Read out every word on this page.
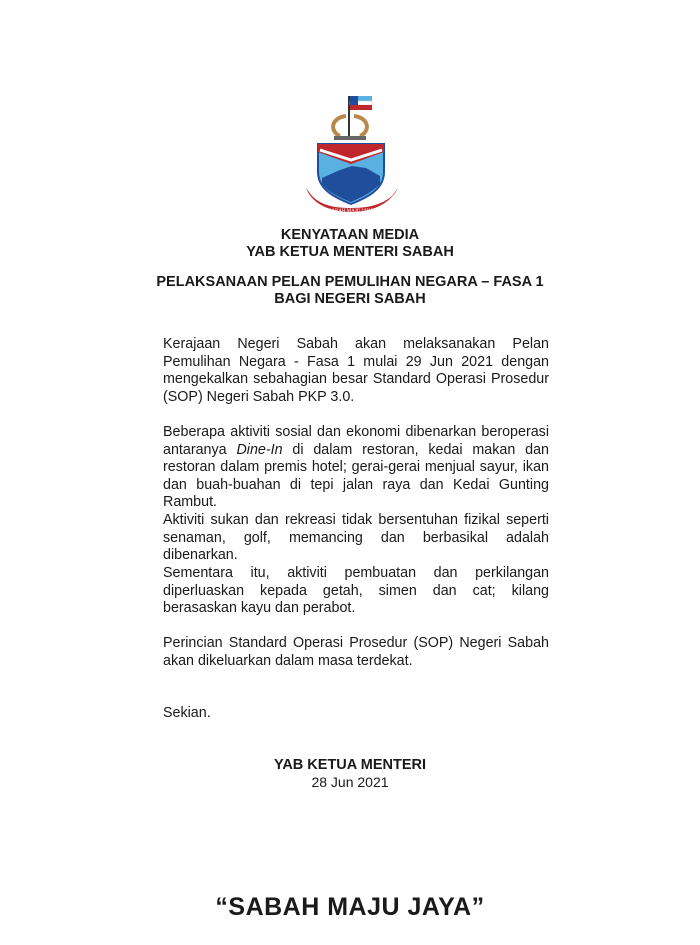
SABAH MAJU JAYA
KENYATAAN MEDIA
YAB KETUA MENTERI SABAH
PELAKSANAAN PELAN PEMULIHAN NEGARA – FASA 1
BAGI NEGERI SABAH

Kerajaan Negeri Sabah akan melaksanakan Pelan Pemulihan Negara - Fasa 1 mulai 29 Jun 2021 dengan mengekalkan sebahagian besar Standard Operasi Prosedur (SOP) Negeri Sabah PKP 3.0.

Beberapa aktiviti sosial dan ekonomi dibenarkan beroperasi antaranya Dine-In di dalam restoran, kedai makan dan restoran dalam premis hotel; gerai-gerai menjual sayur, ikan dan buah-buahan di tepi jalan raya dan Kedai Gunting Rambut.

Aktiviti sukan dan rekreasi tidak bersentuhan fizikal seperti senaman, golf, memancing dan berbasikal adalah dibenarkan.

Sementara itu, aktiviti pembuatan dan perkilangan diperluaskan kepada getah, simen dan cat; kilang berasaskan kayu dan perabot.

Perincian Standard Operasi Prosedur (SOP) Negeri Sabah akan dikeluarkan dalam masa terdekat.

Sekian.

YAB KETUA MENTERI
28 Jun 2021
“SABAH MAJU JAYA”
